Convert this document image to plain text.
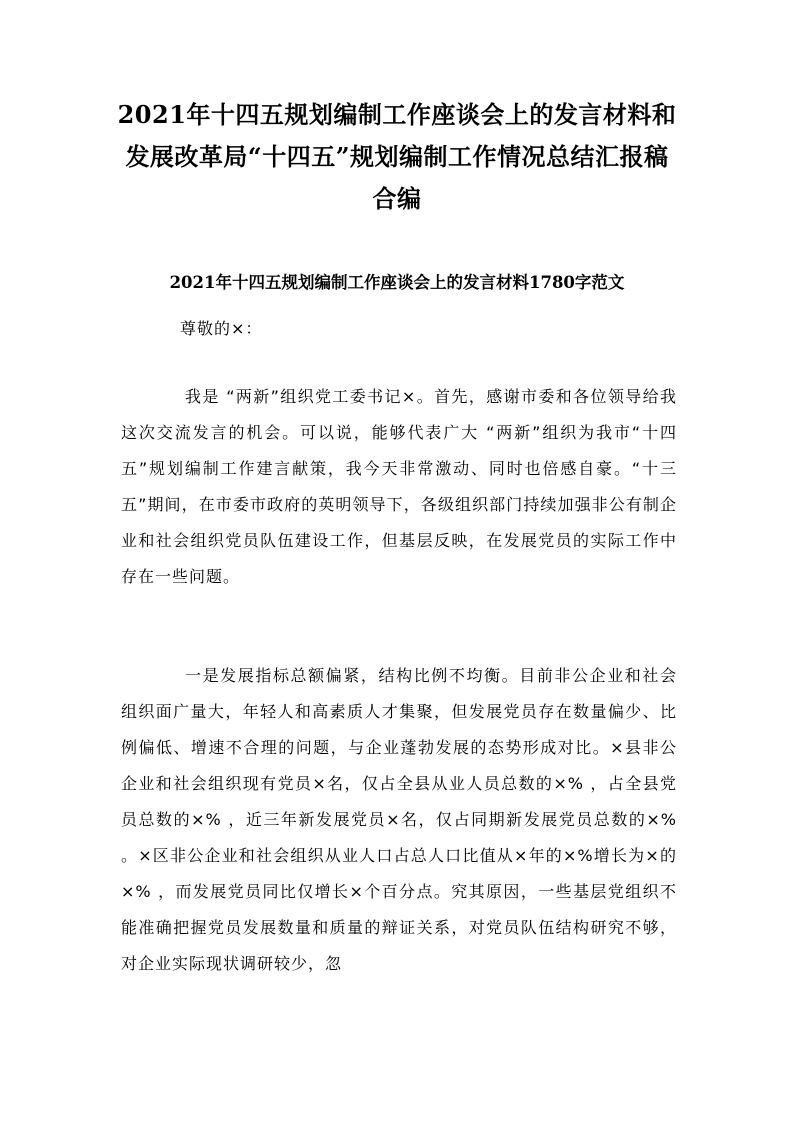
2021年十四五规划编制工作座谈会上的发言材料和
发展改革局“十四五”规划编制工作情况总结汇报稿
合编
2021年十四五规划编制工作座谈会上的发言材料1780字范文

尊敬的×：

我是 “两新”组织党工委书记×。首先，感谢市委和各位领导给我这次交流发言的机会。可以说，能够代表广大 “两新”组织为我市“十四五”规划编制工作建言献策，我今天非常激动、同时也倍感自豪。“十三五”期间，在市委市政府的英明领导下，各级组织部门持续加强非公有制企业和社会组织党员队伍建设工作，但基层反映，在发展党员的实际工作中存在一些问题。

一是发展指标总额偏紧，结构比例不均衡。目前非公企业和社会组织面广量大，年轻人和高素质人才集聚，但发展党员存在数量偏少、比例偏低、增速不合理的问题，与企业蓬勃发展的态势形成对比。×县非公企业和社会组织现有党员×名，仅占全县从业人员总数的×% ，占全县党员总数的×% ，近三年新发展党员×名，仅占同期新发展党员总数的×% 。×区非公企业和社会组织从业人口占总人口比值从×年的×%增长为×的×% ，而发展党员同比仅增长×个百分点。究其原因，一些基层党组织不能准确把握党员发展数量和质量的辩证关系，对党员队伍结构研究不够，对企业实际现状调研较少，忽
